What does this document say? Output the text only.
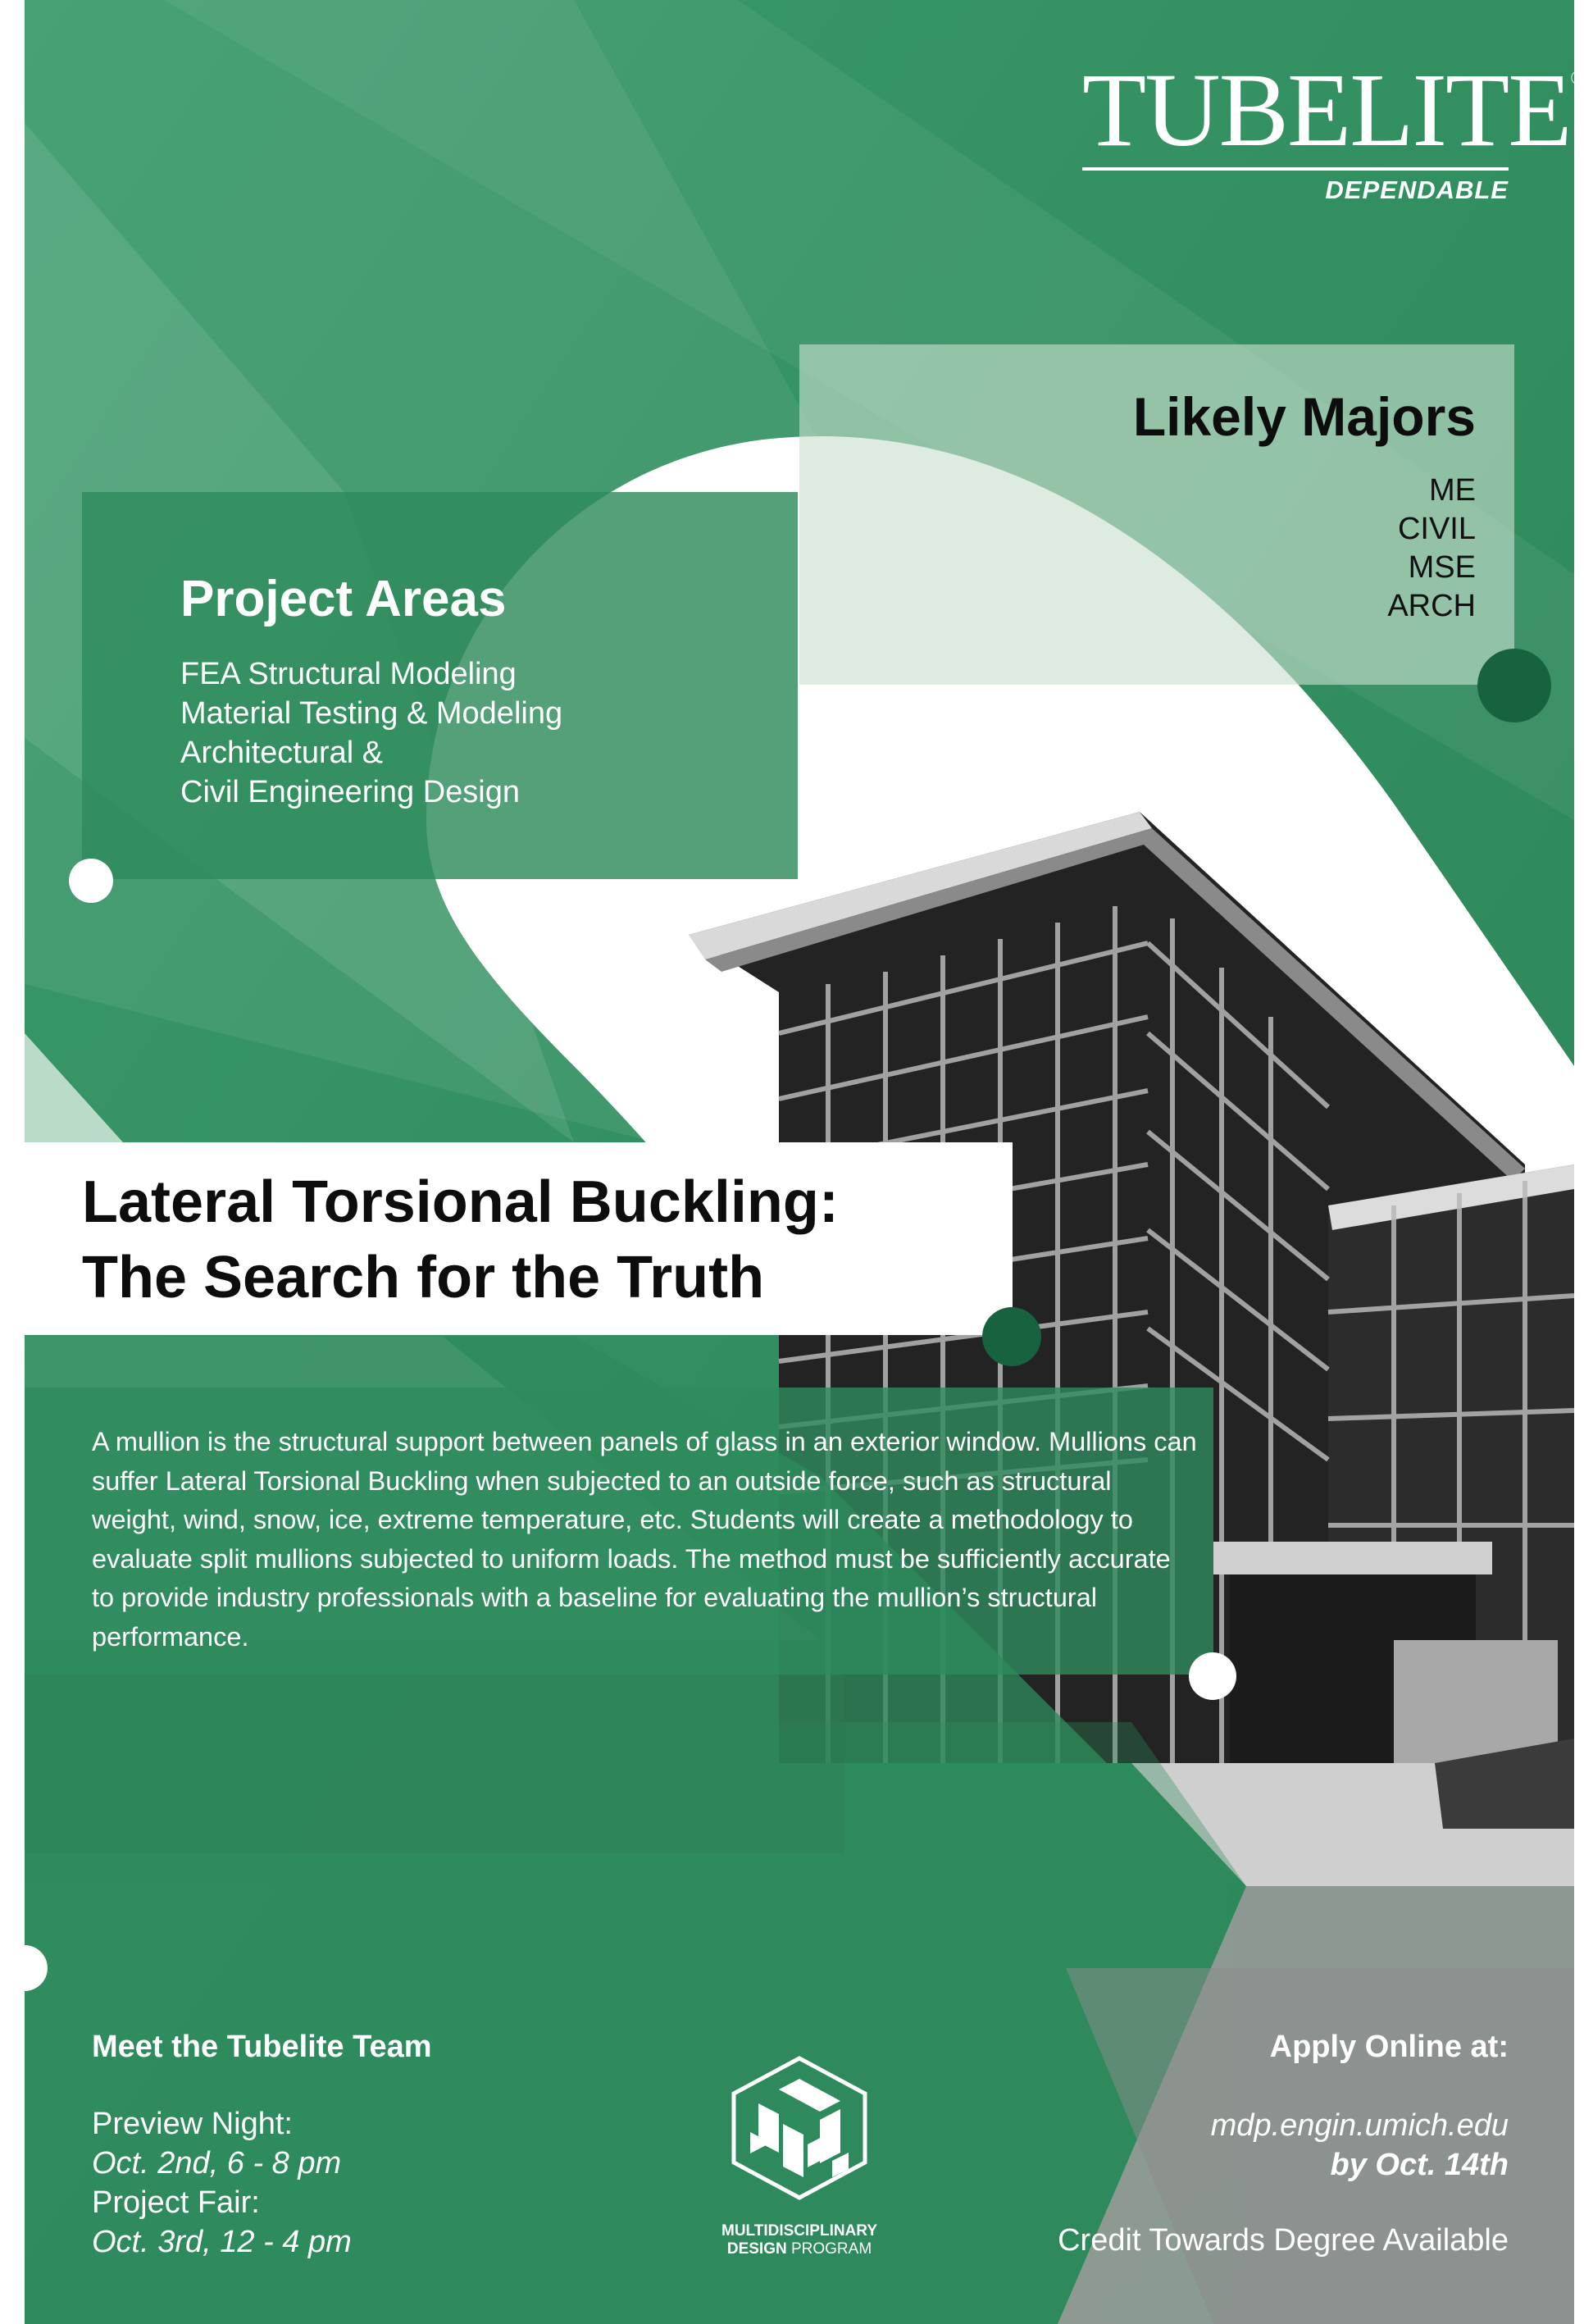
TUBELITE®
DEPENDABLE
Likely Majors
ME
CIVIL
MSE
ARCH
Project Areas
FEA Structural Modeling
Material Testing & Modeling
Architectural &
Civil Engineering Design
Lateral Torsional Buckling:
The Search for the Truth

A mullion is the structural support between panels of glass in an exterior window. Mullions can suffer Lateral Torsional Buckling when subjected to an outside force, such as structural weight, wind, snow, ice, extreme temperature, etc. Students will create a methodology to evaluate split mullions subjected to uniform loads. The method must be sufficiently accurate to provide industry professionals with a baseline for evaluating the mullion’s structural performance.

Meet the Tubelite Team
Preview Night:
Oct. 2nd, 6 - 8 pm
Project Fair:
Oct. 3rd, 12 - 4 pm	MULTIDISCIPLINARY
DESIGN PROGRAM
Apply Online at:
mdp.engin.umich.edu
by Oct. 14th
Credit Towards Degree Available
